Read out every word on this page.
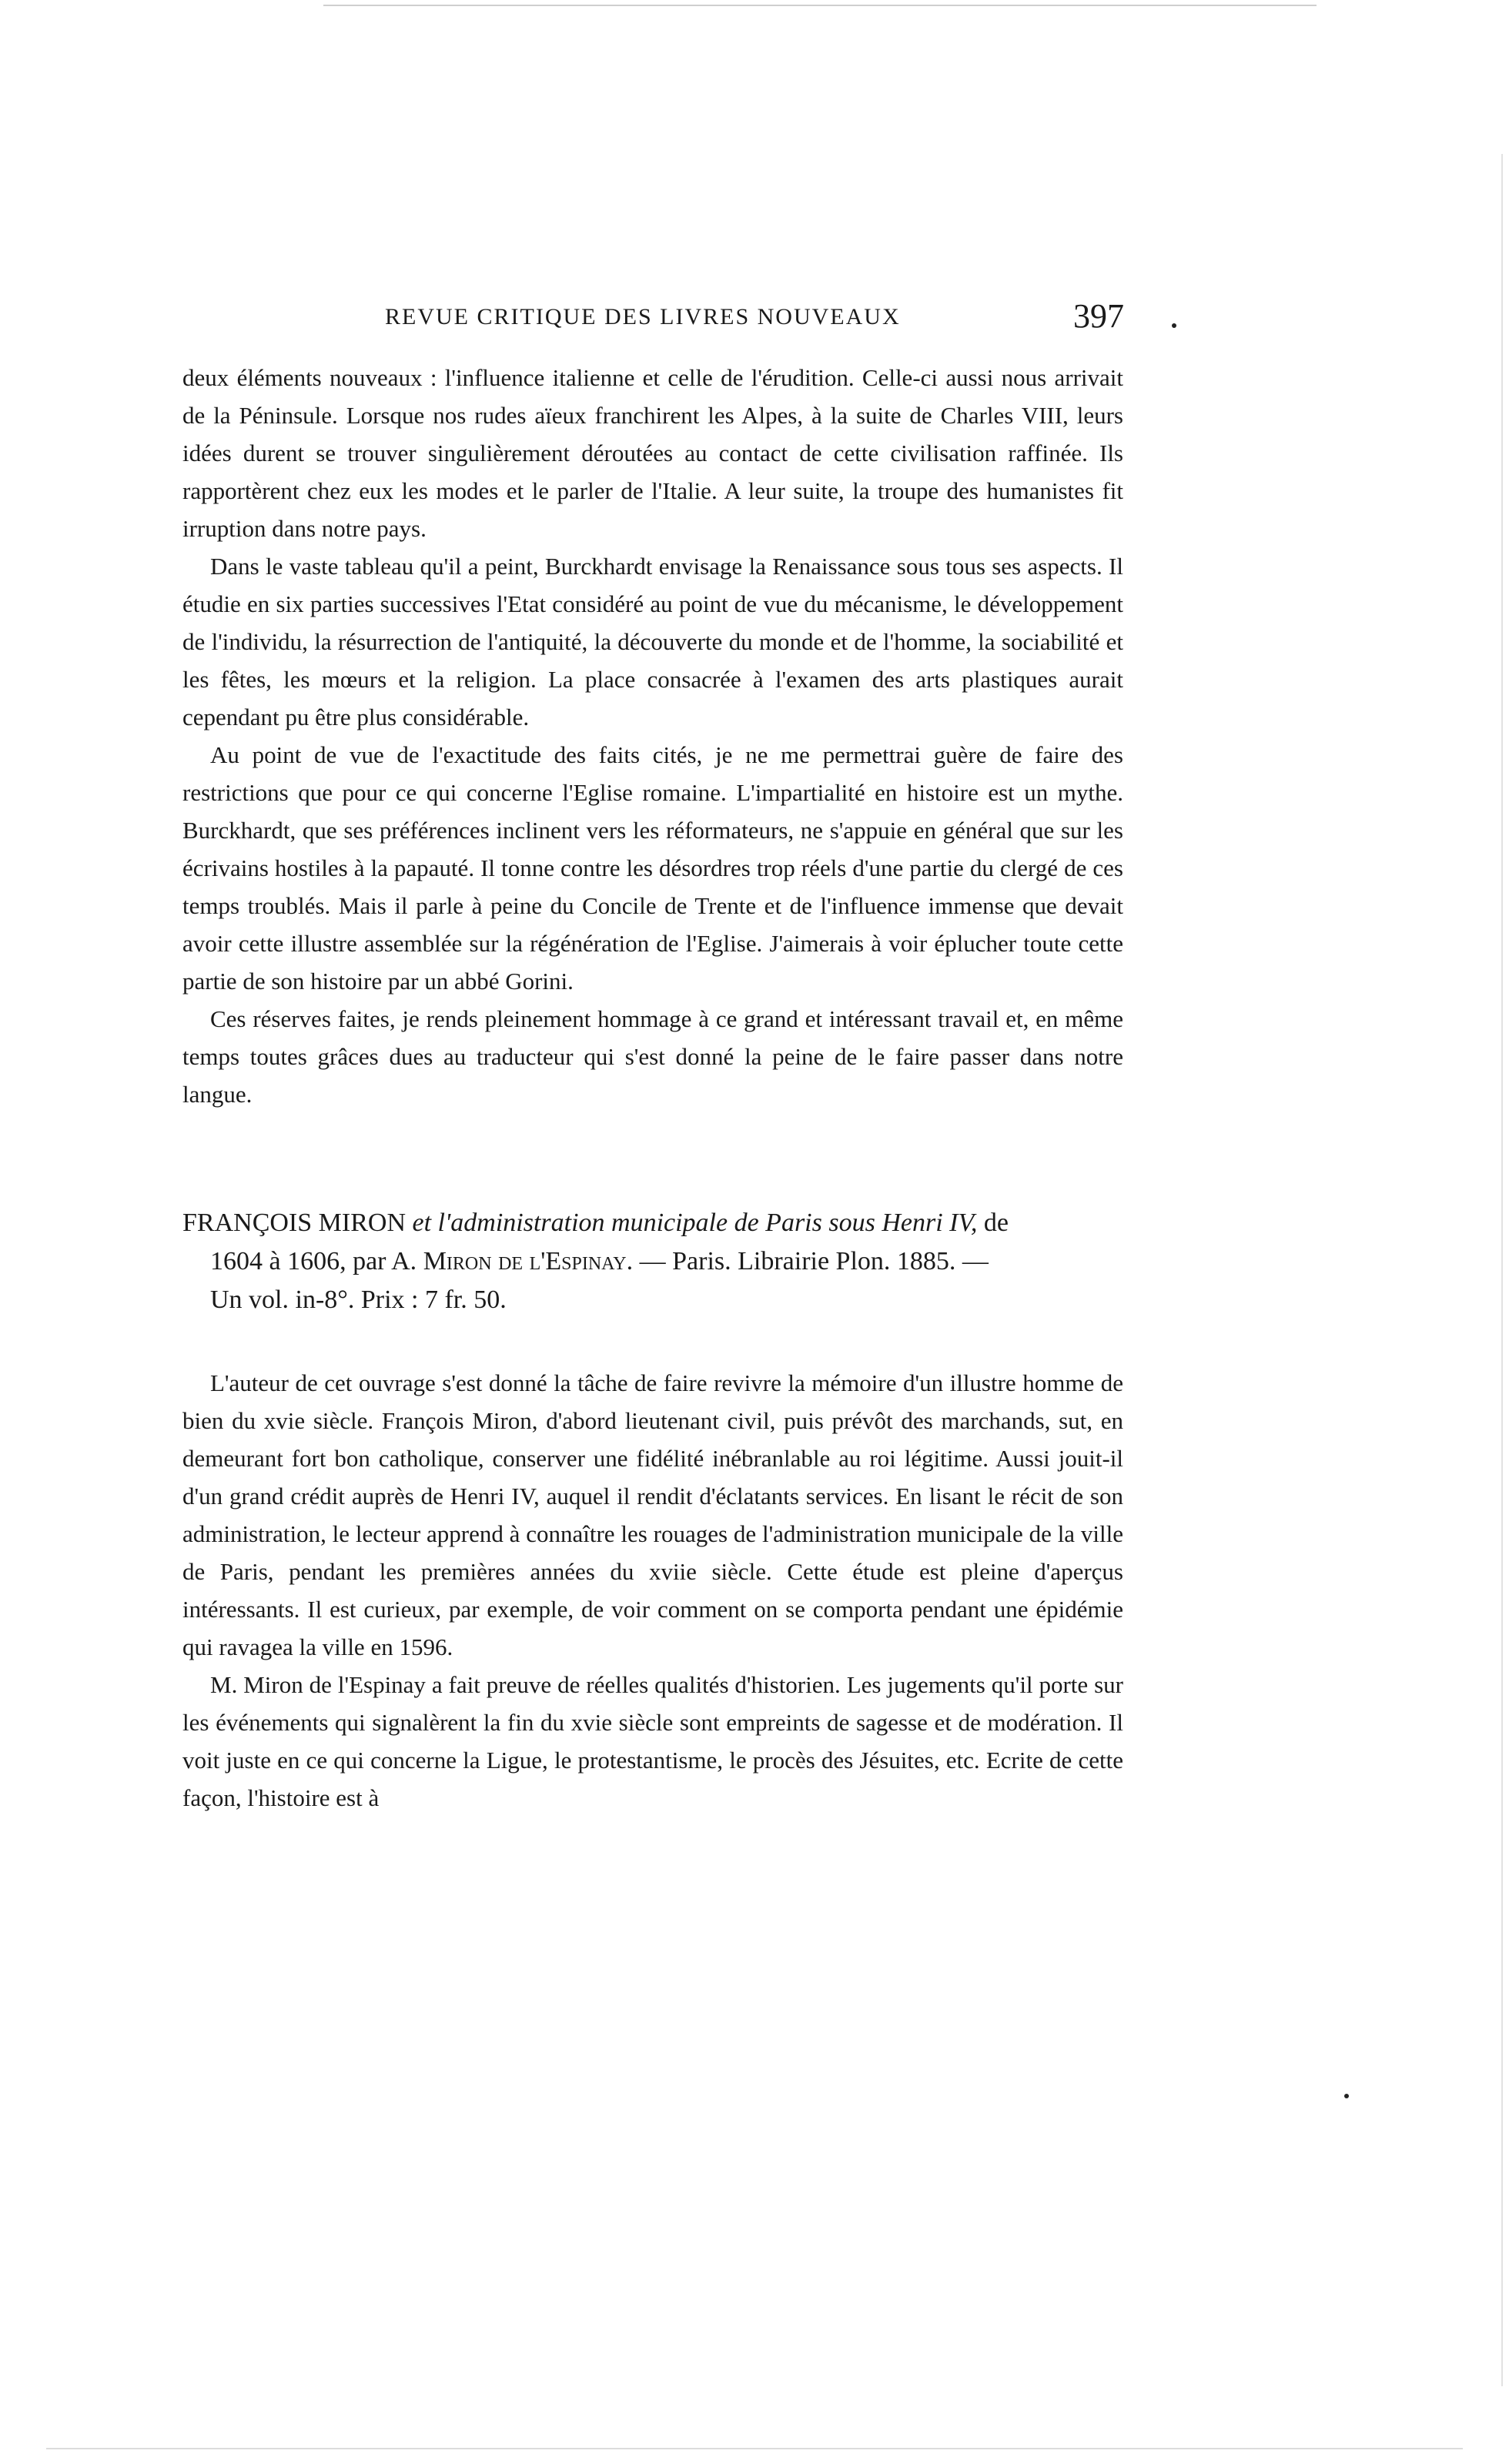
REVUE CRITIQUE DES LIVRES NOUVEAUX	397

deux éléments nouveaux : l'influence italienne et celle de l'érudition. Celle-ci aussi nous arrivait de la Péninsule. Lorsque nos rudes aïeux franchirent les Alpes, à la suite de Charles VIII, leurs idées durent se trouver singulièrement déroutées au contact de cette civilisation raffinée. Ils rapportèrent chez eux les modes et le parler de l'Italie. A leur suite, la troupe des humanistes fit irruption dans notre pays.

Dans le vaste tableau qu'il a peint, Burckhardt envisage la Renaissance sous tous ses aspects. Il étudie en six parties successives l'Etat considéré au point de vue du mécanisme, le développement de l'individu, la résurrection de l'antiquité, la découverte du monde et de l'homme, la sociabilité et les fêtes, les mœurs et la religion. La place consacrée à l'examen des arts plastiques aurait cependant pu être plus considérable.

Au point de vue de l'exactitude des faits cités, je ne me permettrai guère de faire des restrictions que pour ce qui concerne l'Eglise romaine. L'impartialité en histoire est un mythe. Burckhardt, que ses préférences inclinent vers les réformateurs, ne s'appuie en général que sur les écrivains hostiles à la papauté. Il tonne contre les désordres trop réels d'une partie du clergé de ces temps troublés. Mais il parle à peine du Concile de Trente et de l'influence immense que devait avoir cette illustre assemblée sur la régénération de l'Eglise. J'aimerais à voir éplucher toute cette partie de son histoire par un abbé Gorini.

Ces réserves faites, je rends pleinement hommage à ce grand et intéressant travail et, en même temps toutes grâces dues au traducteur qui s'est donné la peine de le faire passer dans notre langue.

FRANÇOIS MIRON et l'administration municipale de Paris sous Henri IV, de
1604 à 1606, par A. Miron de l'Espinay. — Paris. Librairie Plon. 1885. —
Un vol. in-8°. Prix : 7 fr. 50.

L'auteur de cet ouvrage s'est donné la tâche de faire revivre la mémoire d'un illustre homme de bien du xvie siècle. François Miron, d'abord lieutenant civil, puis prévôt des marchands, sut, en demeurant fort bon catholique, conserver une fidélité inébranlable au roi légitime. Aussi jouit-il d'un grand crédit auprès de Henri IV, auquel il rendit d'éclatants services. En lisant le récit de son administration, le lecteur apprend à connaître les rouages de l'administration municipale de la ville de Paris, pendant les premières années du xviie siècle. Cette étude est pleine d'aperçus intéressants. Il est curieux, par exemple, de voir comment on se comporta pendant une épidémie qui ravagea la ville en 1596.

M. Miron de l'Espinay a fait preuve de réelles qualités d'historien. Les jugements qu'il porte sur les événements qui signalèrent la fin du xvie siècle sont empreints de sagesse et de modération. Il voit juste en ce qui concerne la Ligue, le protestantisme, le procès des Jésuites, etc. Ecrite de cette façon, l'histoire est à
